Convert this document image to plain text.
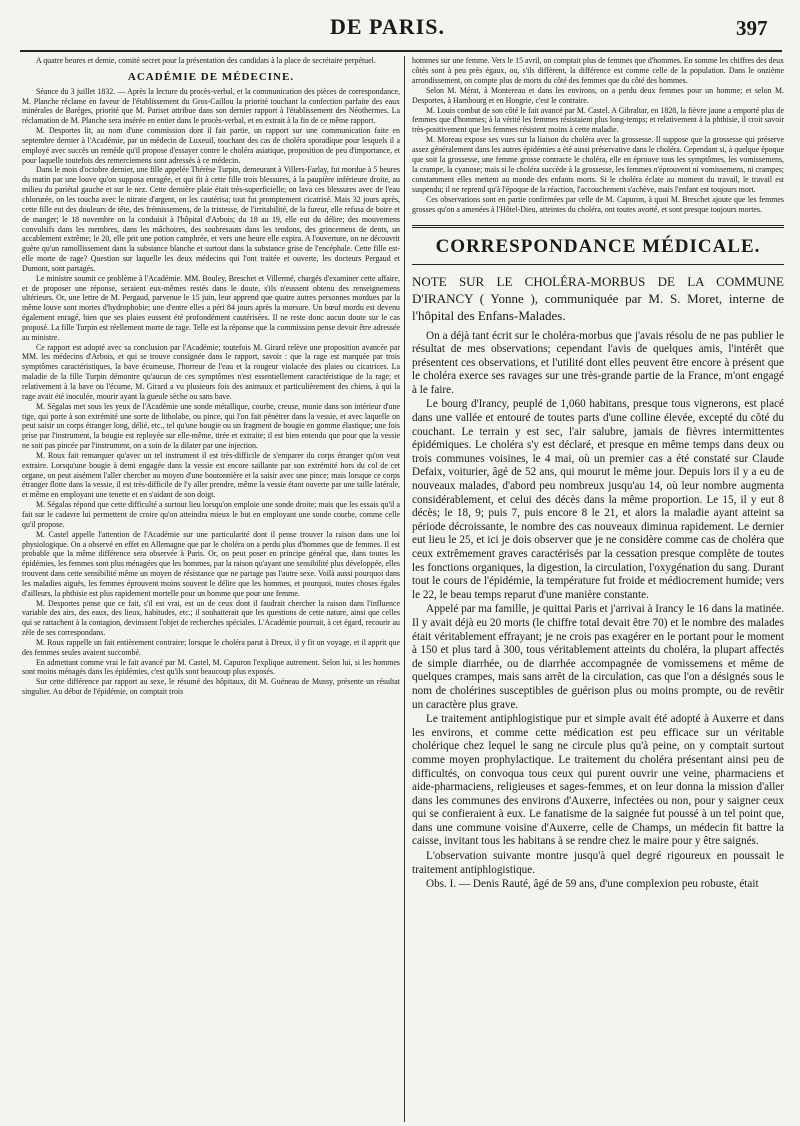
DE PARIS.	397

A quatre heures et demie, comité secret pour la présentation des candidats à la place de secrétaire perpétuel.

ACADÉMIE DE MÉDECINE.

Séance du 3 juillet 1832. — Après la lecture du procès-verbal, et la communication des pièces de correspondance, M. Planche réclame en faveur de l'établissement du Gros-Caillou la priorité touchant la confection parfaite des eaux minérales de Baréges, priorité que M. Pariset attribue dans son dernier rapport à l'établissement des Néothermes. La réclamation de M. Planche sera insérée en entier dans le procès-verbal, et en extrait à la fin de ce même rapport.

M. Desportes lit, au nom d'une commission dont il fait partie, un rapport sur une communication faite en septembre dernier à l'Académie, par un médecin de Luxeuil, touchant des cas de choléra sporadique pour lesquels il a employé avec succès un remède qu'il propose d'essayer contre le choléra asiatique, proposition de peu d'importance, et pour laquelle toutefois des remerciemens sont adressés à ce médecin.

Dans le mois d'octobre dernier, une fille appelée Thérèse Turpin, demeurant à Villers-Farlay, fut mordue à 5 heures du matin par une louve qu'on supposa enragée, et qui fit à cette fille trois blessures, à la paupière inférieure droite, au milieu du pariétal gauche et sur le nez. Cette dernière plaie était très-superficielle; on lava ces blessures avec de l'eau chlorurée, on les toucha avec le nitrate d'argent, on les cautérisa; tout fut promptement cicatrisé. Mais 32 jours après, cette fille eut des douleurs de tête, des frémissemens, de la tristesse, de l'irritabilité, de la fureur, elle refusa de boire et de manger; le 18 novembre on la conduisit à l'hôpital d'Arbois; du 18 au 19, elle eut du délire; des mouvemens convulsifs dans les membres, dans les mâchoires, des soubresauts dans les tendons, des grincemens de dents, un accablement extrême; le 20, elle prit une potion camphrée, et vers une heure elle expira. A l'ouverture, on ne découvrit guère qu'un ramollissement dans la substance blanche et surtout dans la substance grise de l'encéphale. Cette fille est-elle morte de rage? Question sur laquelle les deux médecins qui l'ont traitée et ouverte, les docteurs Pergaud et Dumont, sont partagés.

Le ministre soumit ce problème à l'Académie. MM. Bouley, Breschet et Villermé, chargés d'examiner cette affaire, et de proposer une réponse, seraient eux-mêmes restés dans le doute, s'ils n'eussent obtenu des renseignemens ultérieurs. Or, une lettre de M. Pergaud, parvenue le 15 juin, leur apprend que quatre autres personnes mordues par la même louve sont mortes d'hydrophobie; une d'entre elles a péri 84 jours après la morsure. Un bœuf mordu est devenu également enragé, bien que ses plaies eussent été profondément cautérisées. Il ne reste donc aucun doute sur le cas proposé. La fille Turpin est réellement morte de rage. Telle est la réponse que la commission pense devoir être adressée au ministre.

Ce rapport est adopté avec sa conclusion par l'Académie; toutefois M. Girard relève une proposition avancée par MM. les médecins d'Arbois, et qui se trouve consignée dans le rapport, savoir : que la rage est marquée par trois symptômes caractéristiques, la bave écumeuse, l'horreur de l'eau et la rougeur violacée des plaies ou cicatrices. La maladie de la fille Turpin démontre qu'aucun de ces symptômes n'est essentiellement caractéristique de la rage; et relativement à la bave ou l'écume, M. Girard a vu plusieurs fois des animaux et particulièrement des chiens, à qui la rage avait été inoculée, mourir ayant la gueule sèche ou sans bave.

M. Ségalas met sous les yeux de l'Académie une sonde métallique, courbe, creuse, munie dans son intérieur d'une tige, qui porte à son extrémité une sorte de litholabe, ou pince, qui l'on fait pénétrer dans la vessie, et avec laquelle on peut saisir un corps étranger long, délié, etc., tel qu'une bougie ou un fragment de bougie en gomme élastique; une fois prise par l'instrument, la bougie est reployée sur elle-même, tirée et extraite; il est bien entendu que pour que la vessie ne soit pas pincée par l'instrument, on a soin de la dilater par une injection.

M. Roux fait remarquer qu'avec un tel instrument il est très-difficile de s'emparer du corps étranger qu'on veut extraire. Lorsqu'une bougie à demi engagée dans la vessie est encore saillante par son extrémité hors du col de cet organe, on peut aisément l'aller chercher au moyen d'une boutonnière et la saisir avec une pince; mais lorsque ce corps étranger flotte dans la vessie, il est très-difficile de l'y aller prendre, même la vessie étant ouverte par une taille latérale, et même en employant une tenette et en s'aidant de son doigt.

M. Ségalas répond que cette difficulté a surtout lieu lorsqu'on emploie une sonde droite; mais que les essais qu'il a fait sur le cadavre lui permettent de croire qu'on atteindra mieux le but en employant une sonde courbe, comme celle qu'il propose.

M. Castel appelle l'attention de l'Académie sur une particularité dont il pense trouver la raison dans une loi physiologique. On a observé en effet en Allemagne que par le choléra on a perdu plus d'hommes que de femmes. Il est probable que la même différence sera observée à Paris. Or, on peut poser en principe général que, dans toutes les épidémies, les femmes sont plus ménagées que les hommes, par la raison qu'ayant une sensibilité plus développée, elles trouvent dans cette sensibilité même un moyen de résistance que ne partage pas l'autre sexe. Voilà aussi pourquoi dans les maladies aiguës, les femmes éprouvent moins souvent le délire que les hommes, et pourquoi, toutes choses égales d'ailleurs, la phthisie est plus rapidement mortelle pour un homme que pour une femme.

M. Desportes pense que ce fait, s'il est vrai, est un de ceux dont il faudrait chercher la raison dans l'influence variable des airs, des eaux, des lieux, habitudes, etc.; il souhaiterait que les questions de cette nature, ainsi que celles qui se rattachent à la contagion, devinssent l'objet de recherches spéciales. L'Académie pourrait, à cet égard, recourir au zèle de ses correspondans.

M. Roux rappelle un fait entièrement contraire; lorsque le choléra parut à Dreux, il y fit un voyage, et il apprit que des femmes seules avaient succombé.

En admettant comme vrai le fait avancé par M. Castel, M. Capuron l'explique autrement. Selon lui, si les hommes sont moins ménagés dans les épidémies, c'est qu'ils sont beaucoup plus exposés.

Sur cette différence par rapport au sexe, le résumé des hôpitaux, dit M. Guéneau de Mussy, présente un résultat singulier. Au début de l'épidémie, on comptait trois

hommes sur une femme. Vers le 15 avril, on comptait plus de femmes que d'hommes. En somme les chiffres des deux côtés sont à peu près égaux, ou, s'ils diffèrent, la différence est comme celle de la population. Dans le onzième arrondissement, on compte plus de morts du côté des femmes que du côté des hommes.

Selon M. Mérat, à Montereau et dans les environs, on a perdu deux femmes pour un homme; et selon M. Desportes, à Hambourg et en Hongrie, c'est le contraire.

M. Louis combat de son côté le fait avancé par M. Castel. A Gibraltar, en 1828, la fièvre jaune a emporté plus de femmes que d'hommes; à la vérité les femmes résistaient plus long-temps; et relativement à la phthisie, il croit savoir très-positivement que les femmes résistent moins à cette maladie.

M. Moreau expose ses vues sur la liaison du choléra avec la grossesse. Il suppose que la grossesse qui préserve assez généralement dans les autres épidémies a été aussi préservative dans le choléra. Cependant si, à quelque époque que soit la grossesse, une femme grosse contracte le choléra, elle en éprouve tous les symptômes, les vomissemens, la crampe, la cyanose; mais si le choléra succède à la grossesse, les femmes n'éprouvent ni vomissemens, ni crampes; constamment elles mettent au monde des enfants morts. Si le choléra éclate au moment du travail, le travail est suspendu; il ne reprend qu'à l'époque de la réaction, l'accouchement s'achève, mais l'enfant est toujours mort.

Ces observations sont en partie confirmées par celle de M. Capuron, à quoi M. Breschet ajoute que les femmes grosses qu'on a amenées à l'Hôtel-Dieu, atteintes du choléra, ont toutes avorté, et sont presque toujours mortes.

CORRESPONDANCE MÉDICALE.
NOTE SUR LE CHOLÉRA-MORBUS DE LA COMMUNE D'IRANCY ( Yonne ), communiquée par M. S. Moret, interne de l'hôpital des Enfans-Malades.

On a déjà tant écrit sur le choléra-morbus que j'avais résolu de ne pas publier le résultat de mes observations; cependant l'avis de quelques amis, l'intérêt que présentent ces observations, et l'utilité dont elles peuvent être encore à présent que le choléra exerce ses ravages sur une très-grande partie de la France, m'ont engagé à le faire.

Le bourg d'Irancy, peuplé de 1,060 habitans, presque tous vignerons, est placé dans une vallée et entouré de toutes parts d'une colline élevée, excepté du côté du couchant. Le terrain y est sec, l'air salubre, jamais de fièvres intermittentes épidémiques. Le choléra s'y est déclaré, et presque en même temps dans deux ou trois communes voisines, le 4 mai, où un premier cas a été constaté sur Claude Defaix, voiturier, âgé de 52 ans, qui mourut le même jour. Depuis lors il y a eu de nouveaux malades, d'abord peu nombreux jusqu'au 14, où leur nombre augmenta considérablement, et celui des décès dans la même proportion. Le 15, il y eut 8 décès; le 18, 9; puis 7, puis encore 8 le 21, et alors la maladie ayant atteint sa période décroissante, le nombre des cas nouveaux diminua rapidement. Le dernier eut lieu le 25, et ici je dois observer que je ne considère comme cas de choléra que ceux extrêmement graves caractérisés par la cessation presque complète de toutes les fonctions organiques, la digestion, la circulation, l'oxygénation du sang. Durant tout le cours de l'épidémie, la température fut froide et médiocrement humide; vers le 22, le beau temps reparut d'une manière constante.

Appelé par ma famille, je quittai Paris et j'arrivai à Irancy le 16 dans la matinée. Il y avait déjà eu 20 morts (le chiffre total devait être 70) et le nombre des malades était véritablement effrayant; je ne crois pas exagérer en le portant pour le moment à 150 et plus tard à 300, tous véritablement atteints du choléra, la plupart affectés de simple diarrhée, ou de diarrhée accompagnée de vomissemens et même de quelques crampes, mais sans arrêt de la circulation, cas que l'on a désignés sous le nom de cholérines susceptibles de guérison plus ou moins prompte, ou de revêtir un caractère plus grave.

Le traitement antiphlogistique pur et simple avait été adopté à Auxerre et dans les environs, et comme cette médication est peu efficace sur un véritable cholérique chez lequel le sang ne circule plus qu'à peine, on y comptait surtout comme moyen prophylactique. Le traitement du choléra présentant ainsi peu de difficultés, on convoqua tous ceux qui purent ouvrir une veine, pharmaciens et aide-pharmaciens, religieuses et sages-femmes, et on leur donna la mission d'aller dans les communes des environs d'Auxerre, infectées ou non, pour y saigner ceux qui se confieraient à eux. Le fanatisme de la saignée fut poussé à un tel point que, dans une commune voisine d'Auxerre, celle de Champs, un médecin fit battre la caisse, invitant tous les habitans à se rendre chez le maire pour y être saignés.

L'observation suivante montre jusqu'à quel degré rigoureux en poussait le traitement antiphlogistique.

Obs. I. — Denis Rauté, âgé de 59 ans, d'une complexion peu robuste, était
